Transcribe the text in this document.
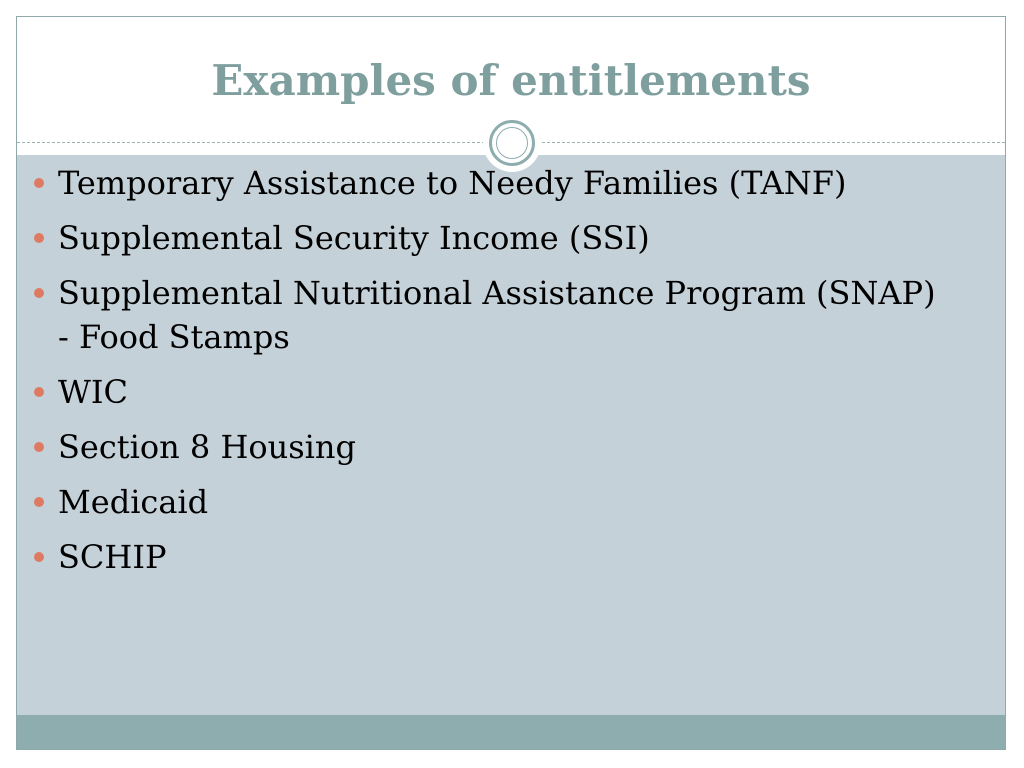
Examples of entitlements
Temporary Assistance to Needy Families (TANF)
Supplemental Security Income (SSI)
Supplemental Nutritional Assistance Program (SNAP) - Food Stamps
WIC
Section 8 Housing
Medicaid
SCHIP
